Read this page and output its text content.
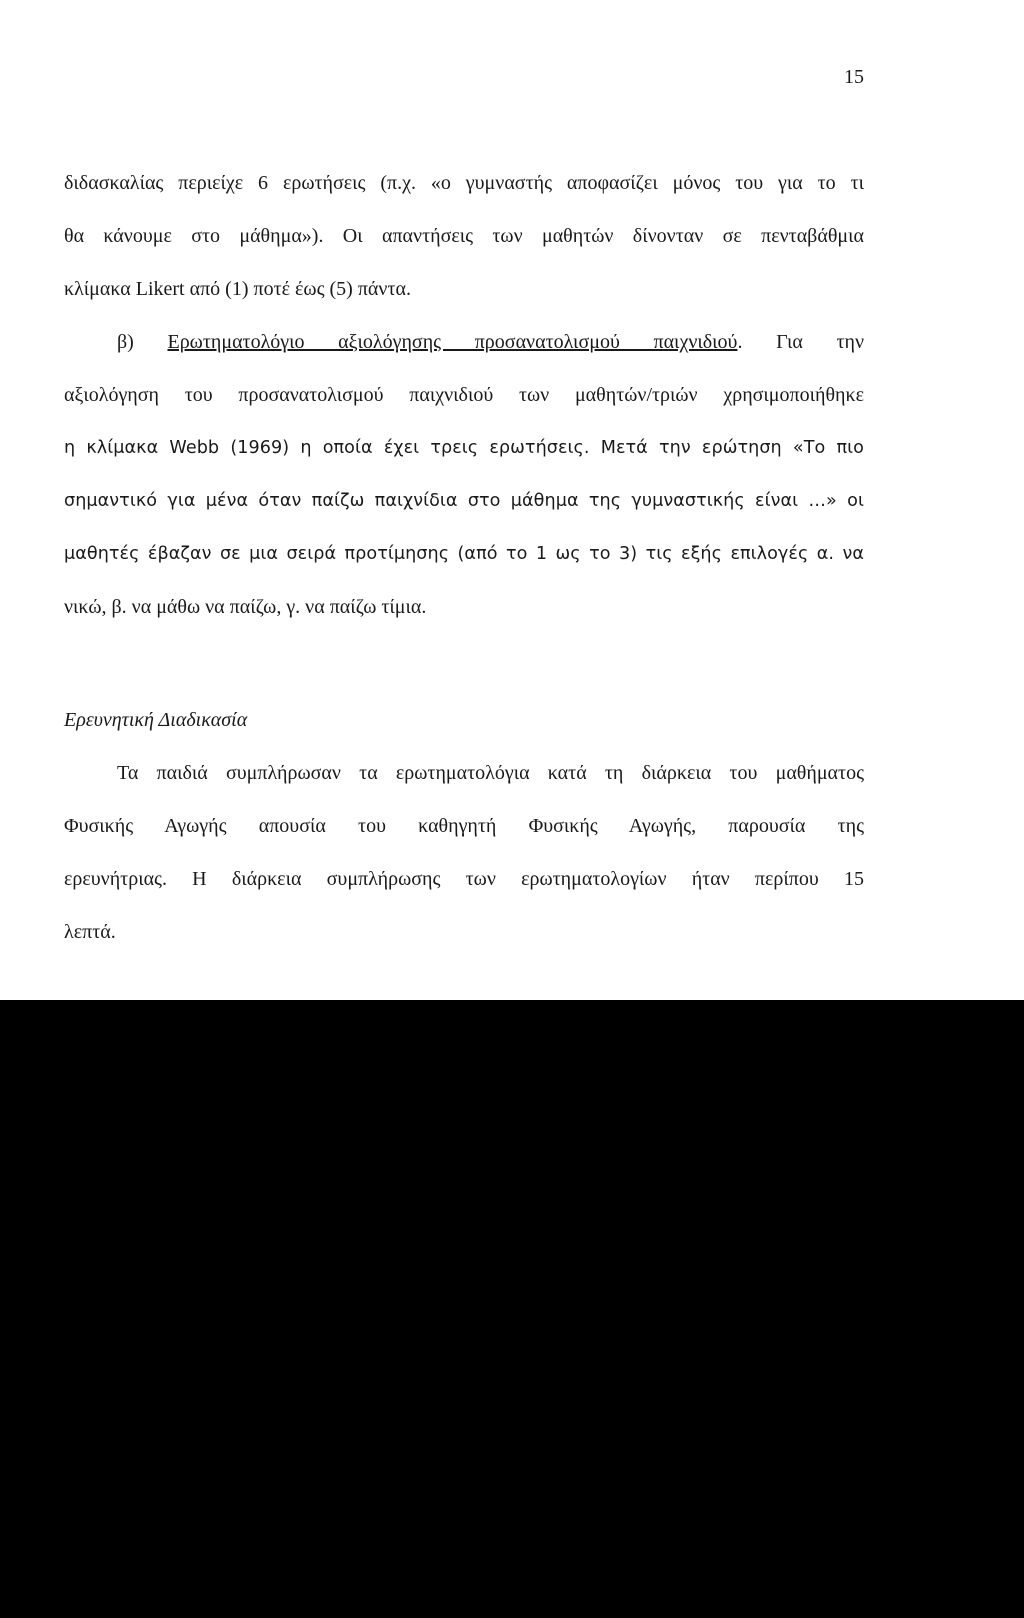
15
διδασκαλίας περιείχε 6 ερωτήσεις (π.χ. «ο γυμναστής αποφασίζει μόνος του για το τι
θα κάνουμε στο μάθημα»). Οι απαντήσεις των μαθητών δίνονταν σε πενταβάθμια
κλίμακα Likert από (1) ποτέ έως (5) πάντα.
β) Ερωτηματολόγιο αξιολόγησης προσανατολισμού παιχνιδιού. Για την
αξιολόγηση του προσανατολισμού παιχνιδιού των μαθητών/τριών χρησιμοποιήθηκε
η κλίμακα Webb (1969) η οποία έχει τρεις ερωτήσεις. Μετά την ερώτηση «Το πιο
σημαντικό για μένα όταν παίζω παιχνίδια στο μάθημα της γυμναστικής είναι …» οι
μαθητές έβαζαν σε μια σειρά προτίμησης (από το 1 ως το 3) τις εξής επιλογές α. να
νικώ, β. να μάθω να παίζω, γ. να παίζω τίμια.
Ερευνητική Διαδικασία
Τα παιδιά συμπλήρωσαν τα ερωτηματολόγια κατά τη διάρκεια του μαθήματος
Φυσικής Αγωγής απουσία του καθηγητή Φυσικής Αγωγής, παρουσία της
ερευνήτριας. Η διάρκεια συμπλήρωσης των ερωτηματολογίων ήταν περίπου 15
λεπτά.
